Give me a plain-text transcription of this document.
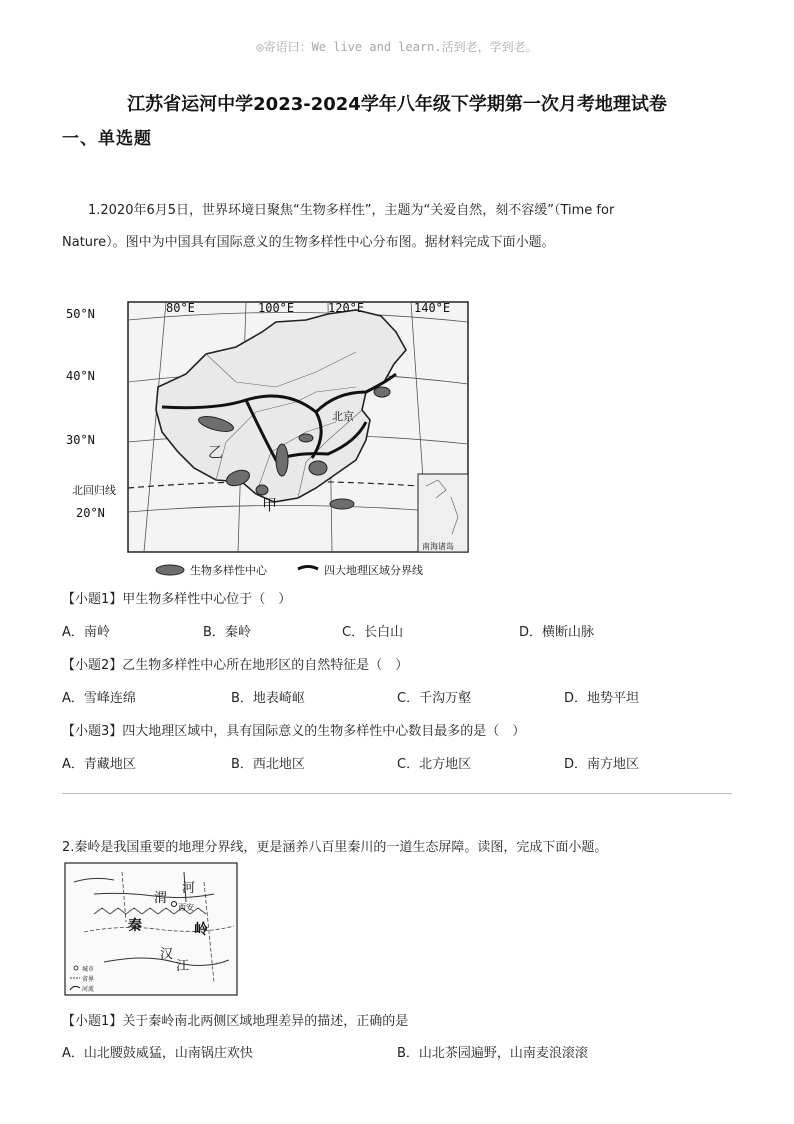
◎寄语曰：We live and learn.活到老，学到老。
江苏省运河中学2023-2024学年八年级下学期第一次月考地理试卷
一、单选题
1.2020年6月5日，世界环境日聚焦“生物多样性”，主题为“关爱自然，刻不容缓”（Time for
Nature）。图中为中国具有国际意义的生物多样性中心分布图。据材料完成下面小题。
50°N
40°N
30°N
20°N
80°E	100°E	120°E	140°E
北回归线
乙
甲
北京
南海诸岛
生物多样性中心	四大地理区域分界线
【小题1】甲生物多样性中心位于（　）
A．南岭	B．秦岭	C．长白山	D．横断山脉
【小题2】乙生物多样性中心所在地形区的自然特征是（　）
A．雪峰连绵	B．地表崎岖	C．千沟万壑	D．地势平坦
【小题3】四大地理区域中，具有国际意义的生物多样性中心数目最多的是（　）
A．青藏地区	B．西北地区	C．北方地区	D．南方地区
2.秦岭是我国重要的地理分界线，更是涵养八百里秦川的一道生态屏障。读图，完成下面小题。
河
渭
西安
秦	岭
汉
江
城市
省界
河流
【小题1】关于秦岭南北两侧区域地理差异的描述，正确的是
A．山北腰鼓威猛，山南锅庄欢快	B．山北茶园遍野，山南麦浪滚滚
